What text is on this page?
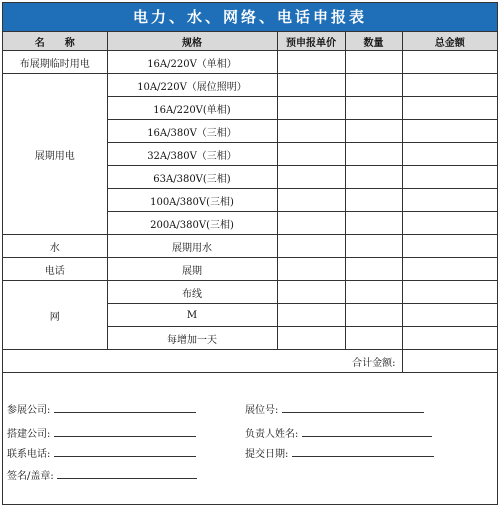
电力、水、网络、电话申报表
名　　称	规格	预申报单价	数量	总金额
布展期临时用电	16A/220V（单相）			
展期用电	10A/220V（展位照明）			
	16A/220V(单相)			
	16A/380V（三相）			
	32A/380V（三相）			
	63A/380V(三相)			
	100A/380V(三相)			
	200A/380V(三相)			
水	展期用水			
电话	展期			
网	布线			
	M			
	每增加一天			
合计金额:				
参展公司:	展位号:
搭建公司:	负责人姓名:
联系电话:	提交日期:
签名/盖章:
